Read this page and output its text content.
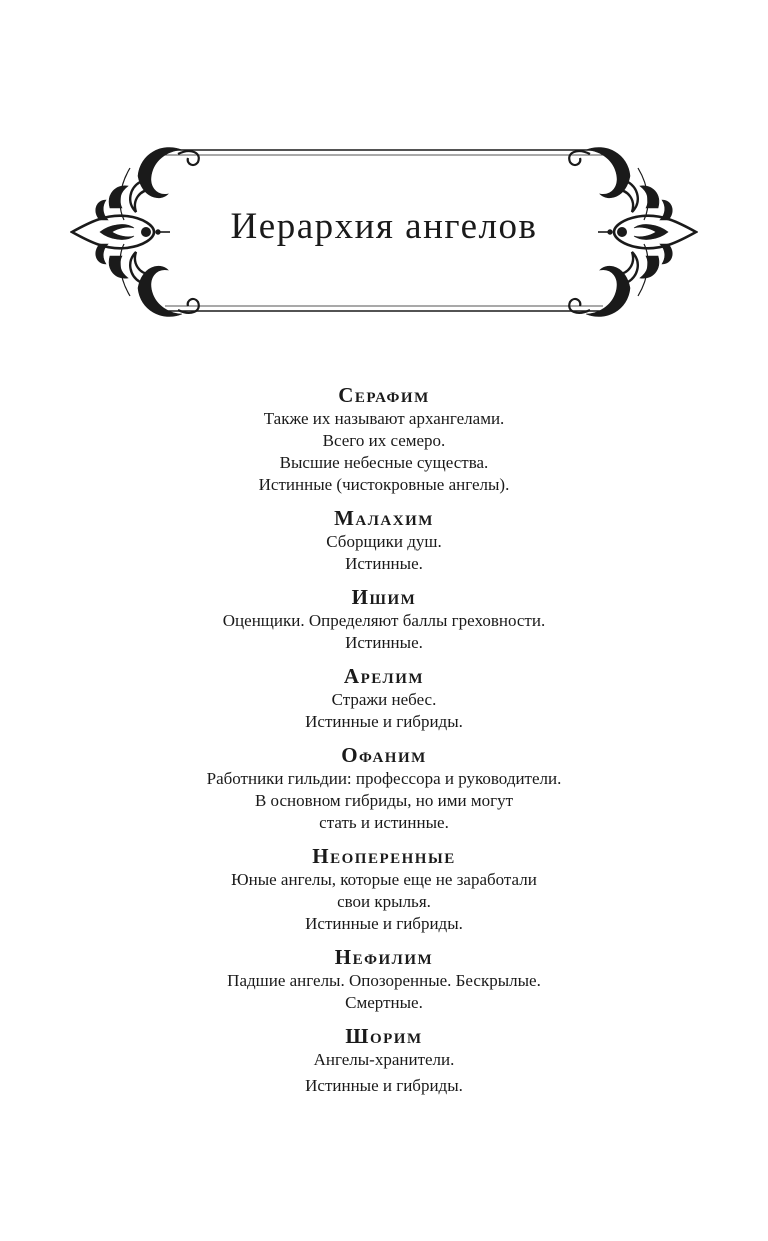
Иерархия ангелов

Серафим

Также их называют архангелами.

Всего их семеро.

Высшие небесные существа.

Истинные (чистокровные ангелы).

Малахим

Сборщики душ.

Истинные.

Ишим

Оценщики. Определяют баллы греховности.

Истинные.

Арелим

Стражи небес.

Истинные и гибриды.

Офаним

Работники гильдии: профессора и руководители.

В основном гибриды, но ими могут

стать и истинные.

Неоперенные

Юные ангелы, которые еще не заработали

свои крылья.

Истинные и гибриды.

Нефилим

Падшие ангелы. Опозоренные. Бескрылые.

Смертные.

Шорим

Ангелы-хранители.

Истинные и гибриды.
